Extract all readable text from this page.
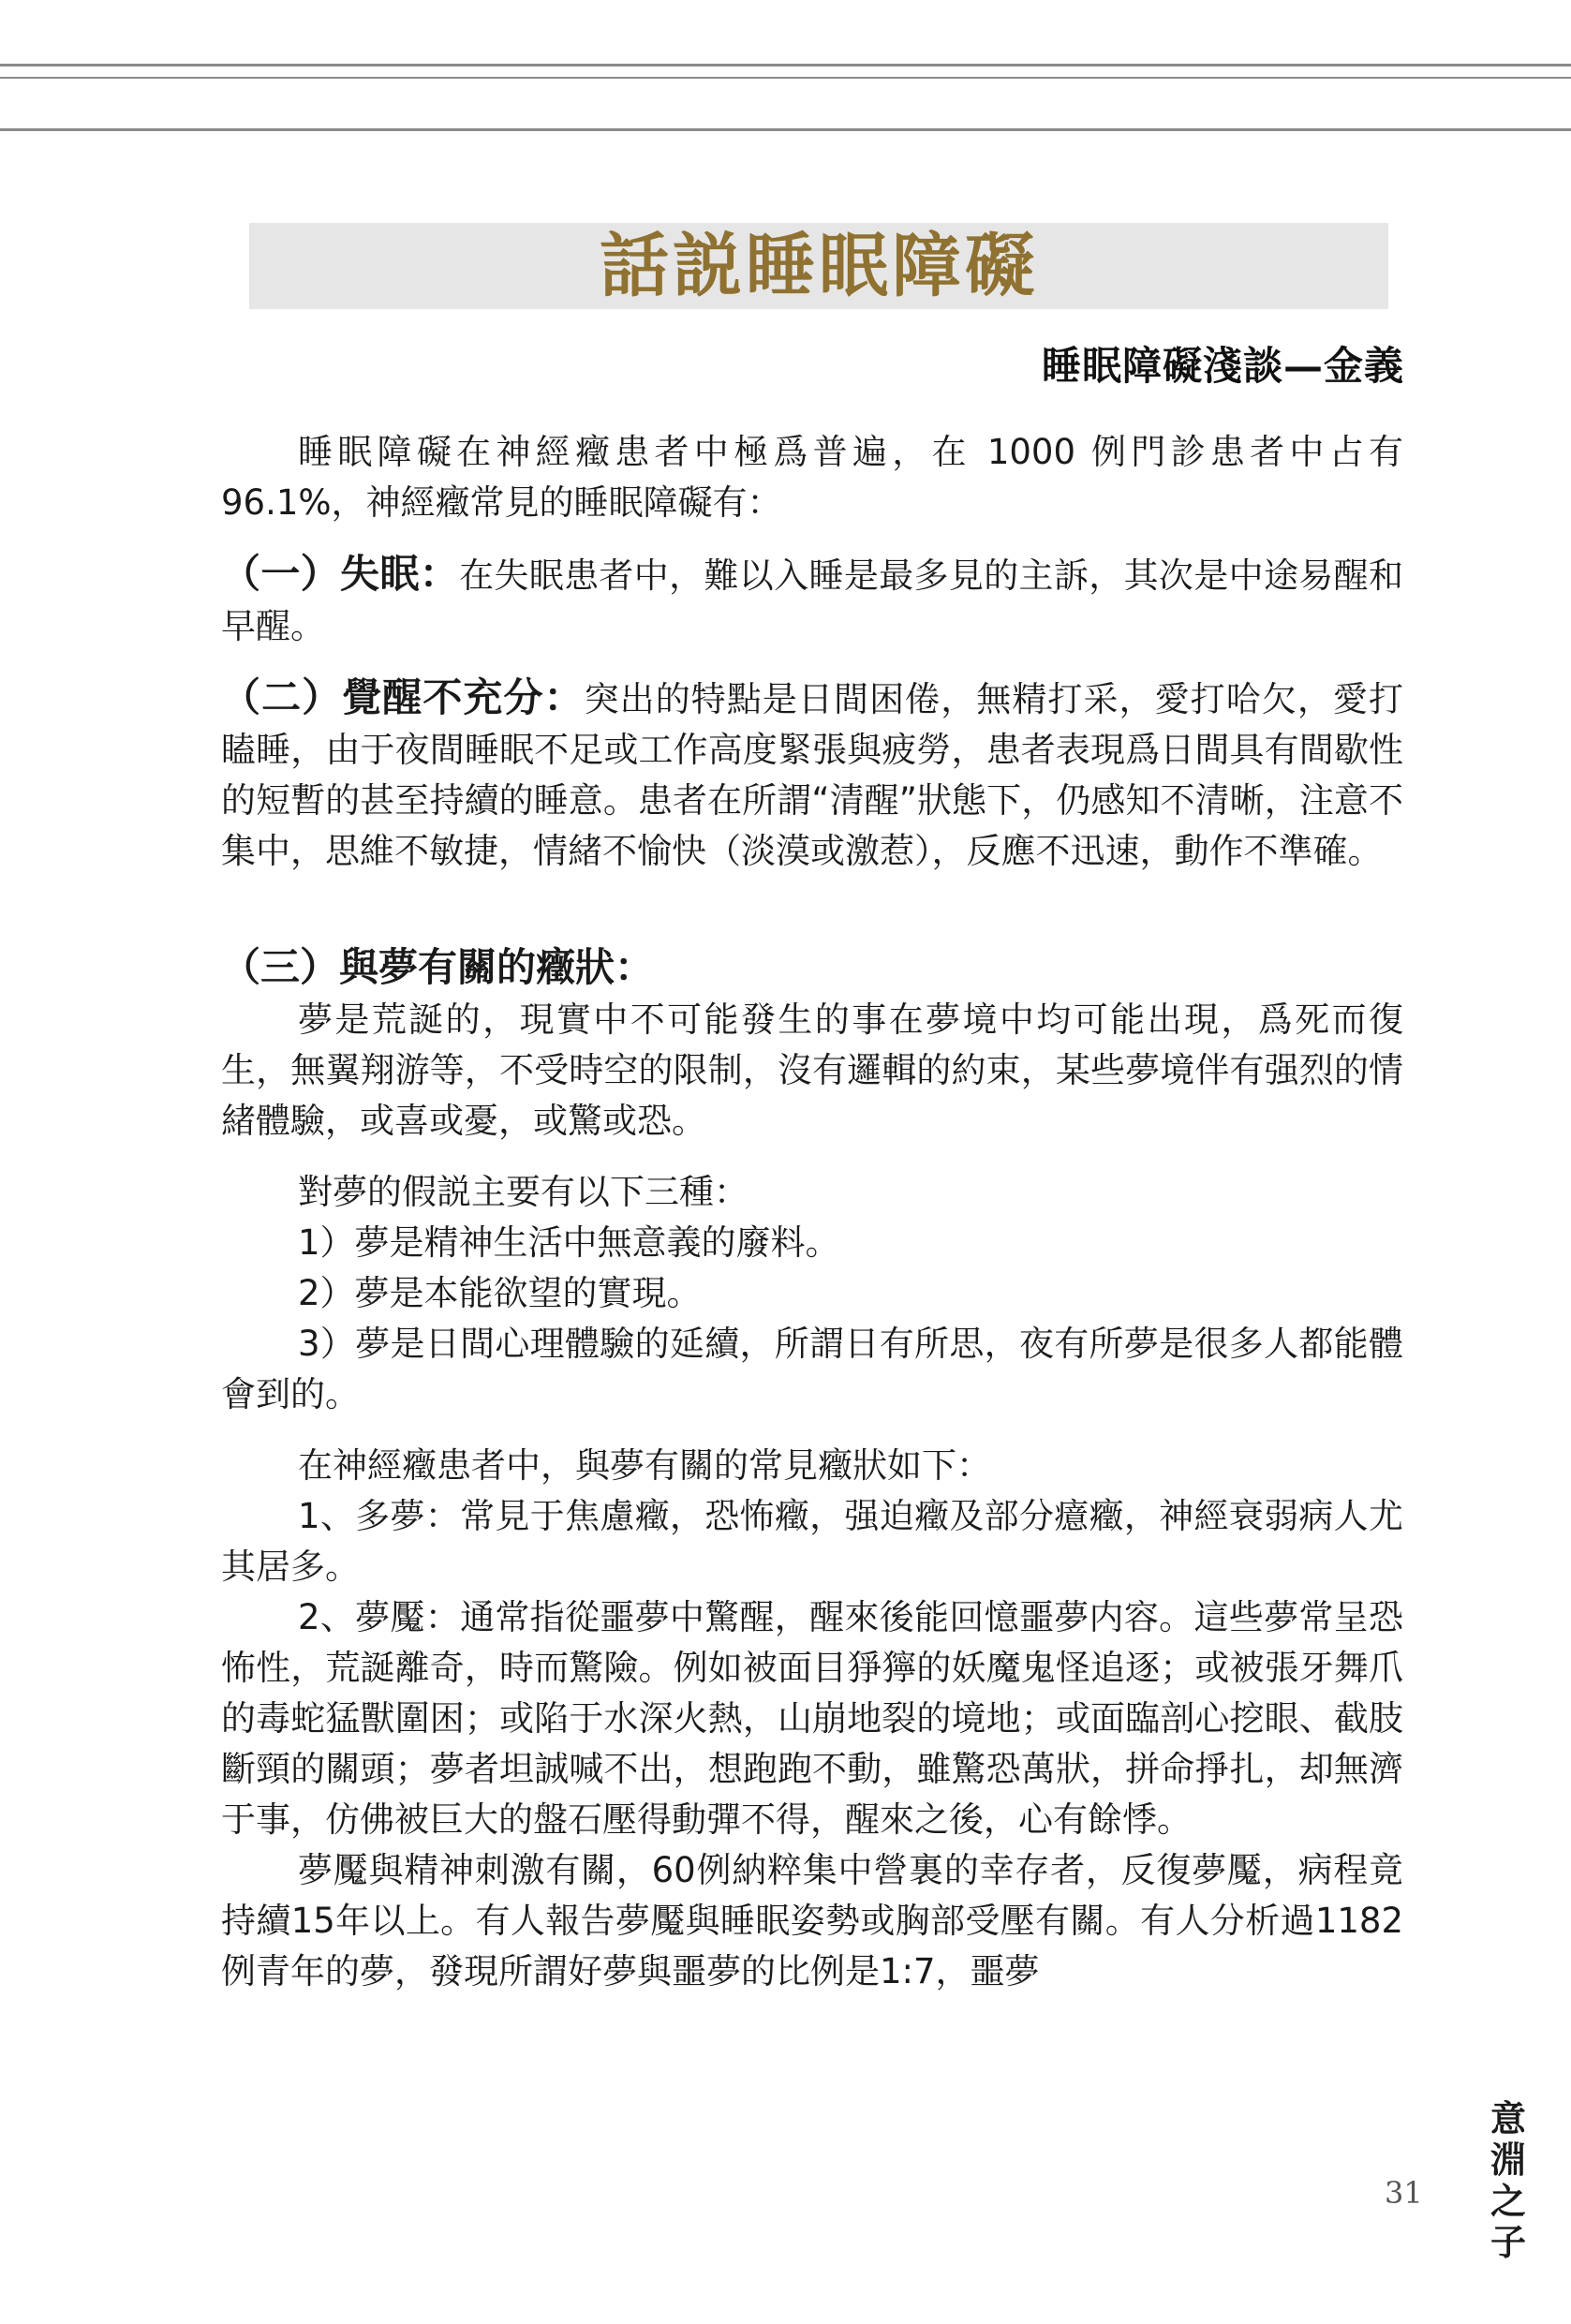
話説睡眠障礙
睡眠障礙淺談—金義

睡眠障礙在神經癥患者中極爲普遍，在 1000 例門診患者中占有 96.1%，神經癥常見的睡眠障礙有：

（一）失眠：在失眠患者中，難以入睡是最多見的主訴，其次是中途易醒和早醒。

（二）覺醒不充分：突出的特點是日間困倦，無精打采，愛打哈欠，愛打瞌睡，由于夜間睡眠不足或工作高度緊張與疲勞，患者表現爲日間具有間歇性的短暫的甚至持續的睡意。患者在所謂“清醒”狀態下，仍感知不清晰，注意不集中，思維不敏捷，情緒不愉快（淡漠或激惹），反應不迅速，動作不準確。

（三）與夢有關的癥狀：

夢是荒誕的，現實中不可能發生的事在夢境中均可能出現，爲死而復生，無翼翔游等，不受時空的限制，沒有邏輯的約束，某些夢境伴有强烈的情緒體驗，或喜或憂，或驚或恐。

對夢的假説主要有以下三種：

1）夢是精神生活中無意義的廢料。

2）夢是本能欲望的實現。

3）夢是日間心理體驗的延續，所謂日有所思，夜有所夢是很多人都能體會到的。

在神經癥患者中，與夢有關的常見癥狀如下：

1、多夢：常見于焦慮癥，恐怖癥，强迫癥及部分癔癥，神經衰弱病人尤其居多。

2、夢魘：通常指從噩夢中驚醒，醒來後能回憶噩夢内容。這些夢常呈恐怖性，荒誕離奇，時而驚險。例如被面目猙獰的妖魔鬼怪追逐；或被張牙舞爪的毒蛇猛獸圍困；或陷于水深火熱，山崩地裂的境地；或面臨剖心挖眼、截肢斷頸的關頭；夢者坦誠喊不出，想跑跑不動，雖驚恐萬狀，拼命掙扎，却無濟于事，仿佛被巨大的盤石壓得動彈不得，醒來之後，心有餘悸。

夢魘與精神刺激有關，60例納粹集中營裏的幸存者，反復夢魘，病程竟持續15年以上。有人報告夢魘與睡眠姿勢或胸部受壓有關。有人分析過1182例青年的夢，發現所謂好夢與噩夢的比例是1:7，噩夢

31
意淵之子
